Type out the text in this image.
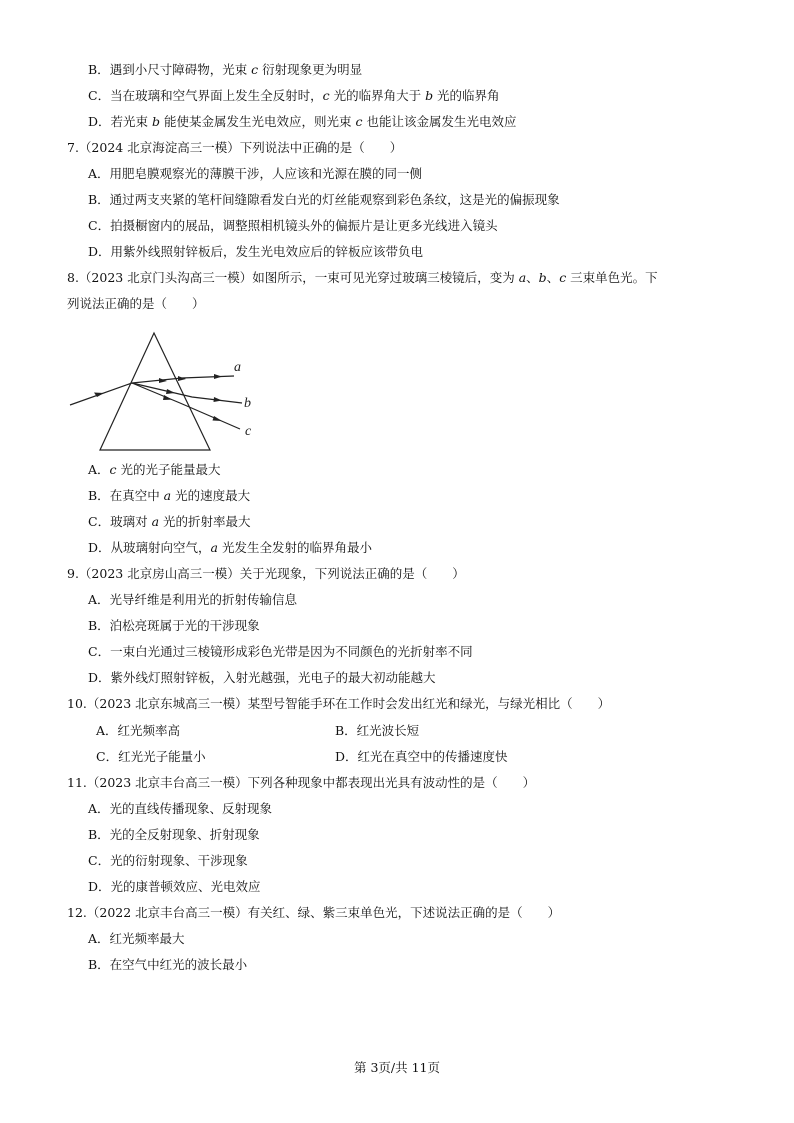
B．遇到小尺寸障碍物，光束 c 衍射现象更为明显
C．当在玻璃和空气界面上发生全反射时，c 光的临界角大于 b 光的临界角
D．若光束 b 能使某金属发生光电效应，则光束 c 也能让该金属发生光电效应
7.（2024 北京海淀高三一模）下列说法中正确的是（　　）
A．用肥皂膜观察光的薄膜干涉，人应该和光源在膜的同一侧
B．通过两支夹紧的笔杆间缝隙看发白光的灯丝能观察到彩色条纹，这是光的偏振现象
C．拍摄橱窗内的展品，调整照相机镜头外的偏振片是让更多光线进入镜头
D．用紫外线照射锌板后，发生光电效应后的锌板应该带负电
8.（2023 北京门头沟高三一模）如图所示，一束可见光穿过玻璃三棱镜后，变为 a、b、c 三束单色光。下
列说法正确的是（　　）
a
b
c
A．c 光的光子能量最大
B．在真空中 a 光的速度最大
C．玻璃对 a 光的折射率最大
D．从玻璃射向空气，a 光发生全发射的临界角最小
9.（2023 北京房山高三一模）关于光现象，下列说法正确的是（　　）
A．光导纤维是利用光的折射传输信息
B．泊松亮斑属于光的干涉现象
C．一束白光通过三棱镜形成彩色光带是因为不同颜色的光折射率不同
D．紫外线灯照射锌板，入射光越强，光电子的最大初动能越大
10.（2023 北京东城高三一模）某型号智能手环在工作时会发出红光和绿光，与绿光相比（　　）
A．红光频率高	B．红光波长短
C．红光光子能量小	D．红光在真空中的传播速度快
11.（2023 北京丰台高三一模）下列各种现象中都表现出光具有波动性的是（　　）
A．光的直线传播现象、反射现象
B．光的全反射现象、折射现象
C．光的衍射现象、干涉现象
D．光的康普顿效应、光电效应
12.（2022 北京丰台高三一模）有关红、绿、紫三束单色光，下述说法正确的是（　　）
A．红光频率最大
B．在空气中红光的波长最小
第 3页/共 11页
